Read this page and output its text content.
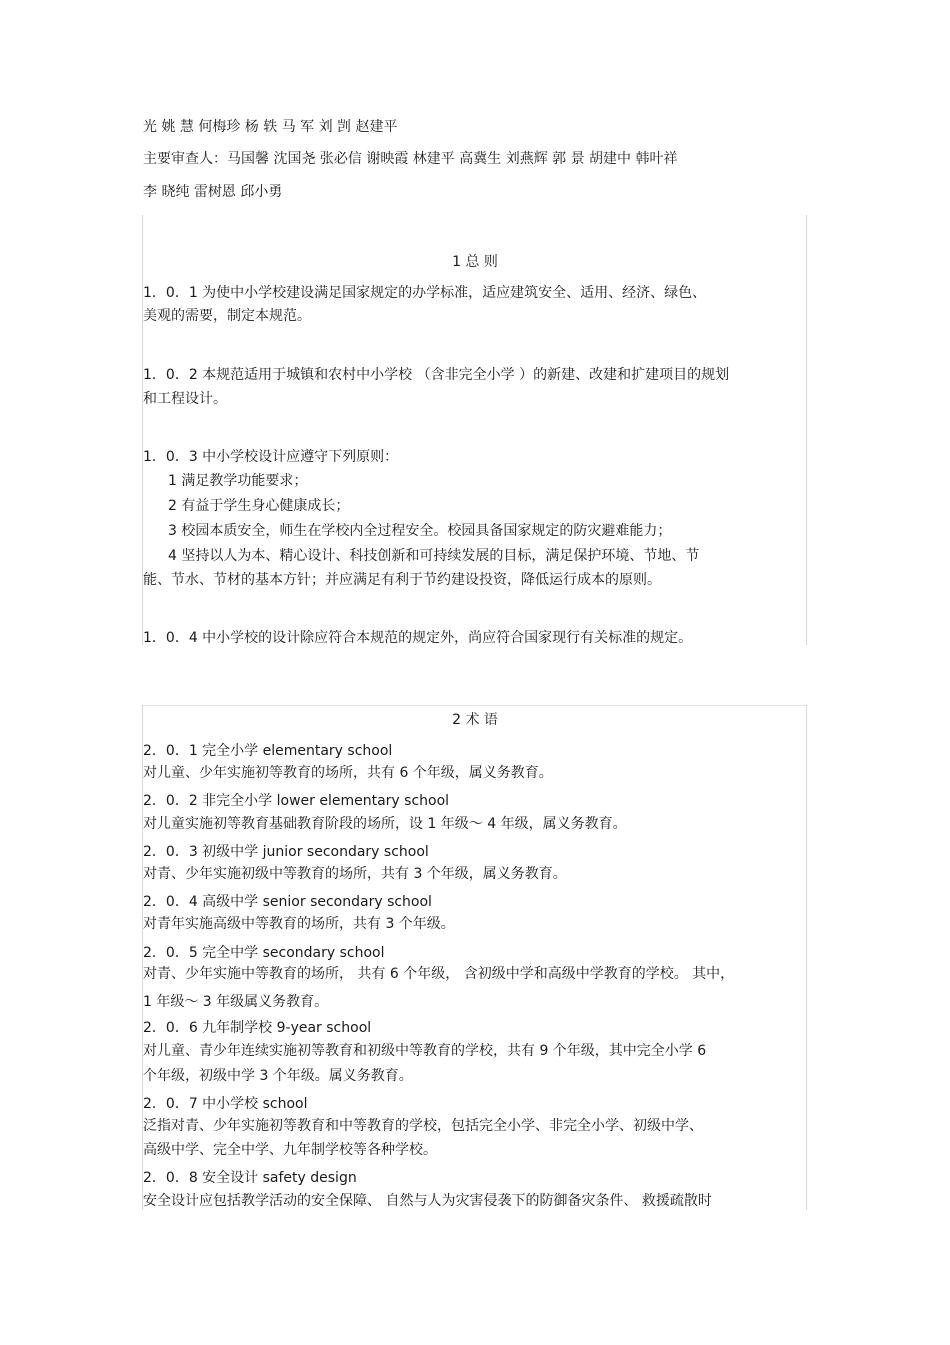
光 姚 慧 何梅珍 杨 轶 马 军 刘 剀 赵建平
主要审查人：马国馨 沈国尧 张必信 谢映霞 林建平 高冀生 刘燕辉 郭 景 胡建中 韩叶祥
李 晓纯 雷树恩 邱小勇
1 总 则
1．0．1 为使中小学校建设满足国家规定的办学标准，适应建筑安全、适用、经济、绿色、
美观的需要，制定本规范。
1．0．2 本规范适用于城镇和农村中小学校 （含非完全小学 ）的新建、改建和扩建项目的规划
和工程设计。
1．0．3 中小学校设计应遵守下列原则：
1 满足教学功能要求；
2 有益于学生身心健康成长；
3 校园本质安全，师生在学校内全过程安全。校园具备国家规定的防灾避难能力；
4 坚持以人为本、精心设计、科技创新和可持续发展的目标，满足保护环境、节地、节
能、节水、节材的基本方针；并应满足有利于节约建设投资，降低运行成本的原则。
1．0．4 中小学校的设计除应符合本规范的规定外，尚应符合国家现行有关标准的规定。
2 术 语
2．0．1 完全小学 elementary school
对儿童、少年实施初等教育的场所，共有 6 个年级，属义务教育。
2．0．2 非完全小学 lower elementary school
对儿童实施初等教育基础教育阶段的场所，设 1 年级～ 4 年级，属义务教育。
2．0．3 初级中学 junior secondary school
对青、少年实施初级中等教育的场所，共有 3 个年级，属义务教育。
2．0．4 高级中学 senior secondary school
对青年实施高级中等教育的场所，共有 3 个年级。
2．0．5 完全中学 secondary school
对青、少年实施中等教育的场所， 共有 6 个年级， 含初级中学和高级中学教育的学校。 其中，
1 年级～ 3 年级属义务教育。
2．0．6 九年制学校 9-year school
对儿童、青少年连续实施初等教育和初级中等教育的学校，共有 9 个年级，其中完全小学 6
个年级，初级中学 3 个年级。属义务教育。
2．0．7 中小学校 school
泛指对青、少年实施初等教育和中等教育的学校，包括完全小学、非完全小学、初级中学、
高级中学、完全中学、九年制学校等各种学校。
2．0．8 安全设计 safety design
安全设计应包括教学活动的安全保障、 自然与人为灾害侵袭下的防御备灾条件、 救援疏散时
